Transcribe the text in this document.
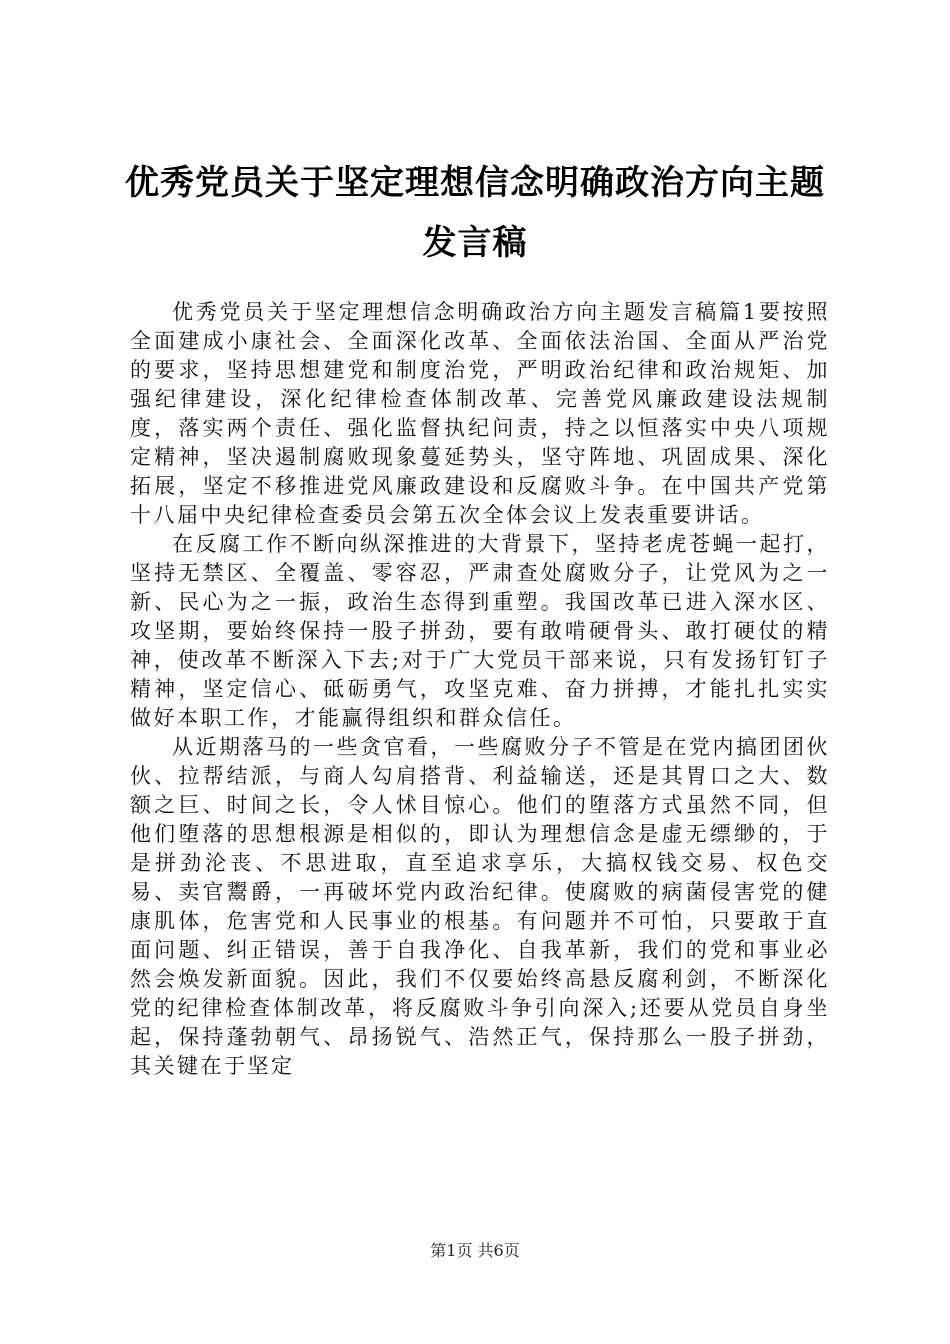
优秀党员关于坚定理想信念明确政治方向主题
发言稿

优秀党员关于坚定理想信念明确政治方向主题发言稿篇1要按照全面建成小康社会、全面深化改革、全面依法治国、全面从严治党的要求，坚持思想建党和制度治党，严明政治纪律和政治规矩、加强纪律建设，深化纪律检查体制改革、完善党风廉政建设法规制度，落实两个责任、强化监督执纪问责，持之以恒落实中央八项规定精神，坚决遏制腐败现象蔓延势头，坚守阵地、巩固成果、深化拓展，坚定不移推进党风廉政建设和反腐败斗争。在中国共产党第十八届中央纪律检查委员会第五次全体会议上发表重要讲话。

在反腐工作不断向纵深推进的大背景下，坚持老虎苍蝇一起打，坚持无禁区、全覆盖、零容忍，严肃查处腐败分子，让党风为之一新、民心为之一振，政治生态得到重塑。我国改革已进入深水区、攻坚期，要始终保持一股子拼劲，要有敢啃硬骨头、敢打硬仗的精神，使改革不断深入下去;对于广大党员干部来说，只有发扬钉钉子精神，坚定信心、砥砺勇气，攻坚克难、奋力拼搏，才能扎扎实实做好本职工作，才能赢得组织和群众信任。

从近期落马的一些贪官看，一些腐败分子不管是在党内搞团团伙伙、拉帮结派，与商人勾肩搭背、利益输送，还是其胃口之大、数额之巨、时间之长，令人怵目惊心。他们的堕落方式虽然不同，但他们堕落的思想根源是相似的，即认为理想信念是虚无缥缈的，于是拼劲沦丧、不思进取，直至追求享乐，大搞权钱交易、权色交易、卖官鬻爵，一再破坏党内政治纪律。使腐败的病菌侵害党的健康肌体，危害党和人民事业的根基。有问题并不可怕，只要敢于直面问题、纠正错误，善于自我净化、自我革新，我们的党和事业必然会焕发新面貌。因此，我们不仅要始终高悬反腐利剑，不断深化党的纪律检查体制改革，将反腐败斗争引向深入;还要从党员自身坐起，保持蓬勃朝气、昂扬锐气、浩然正气，保持那么一股子拼劲，其关键在于坚定

第1页 共6页
